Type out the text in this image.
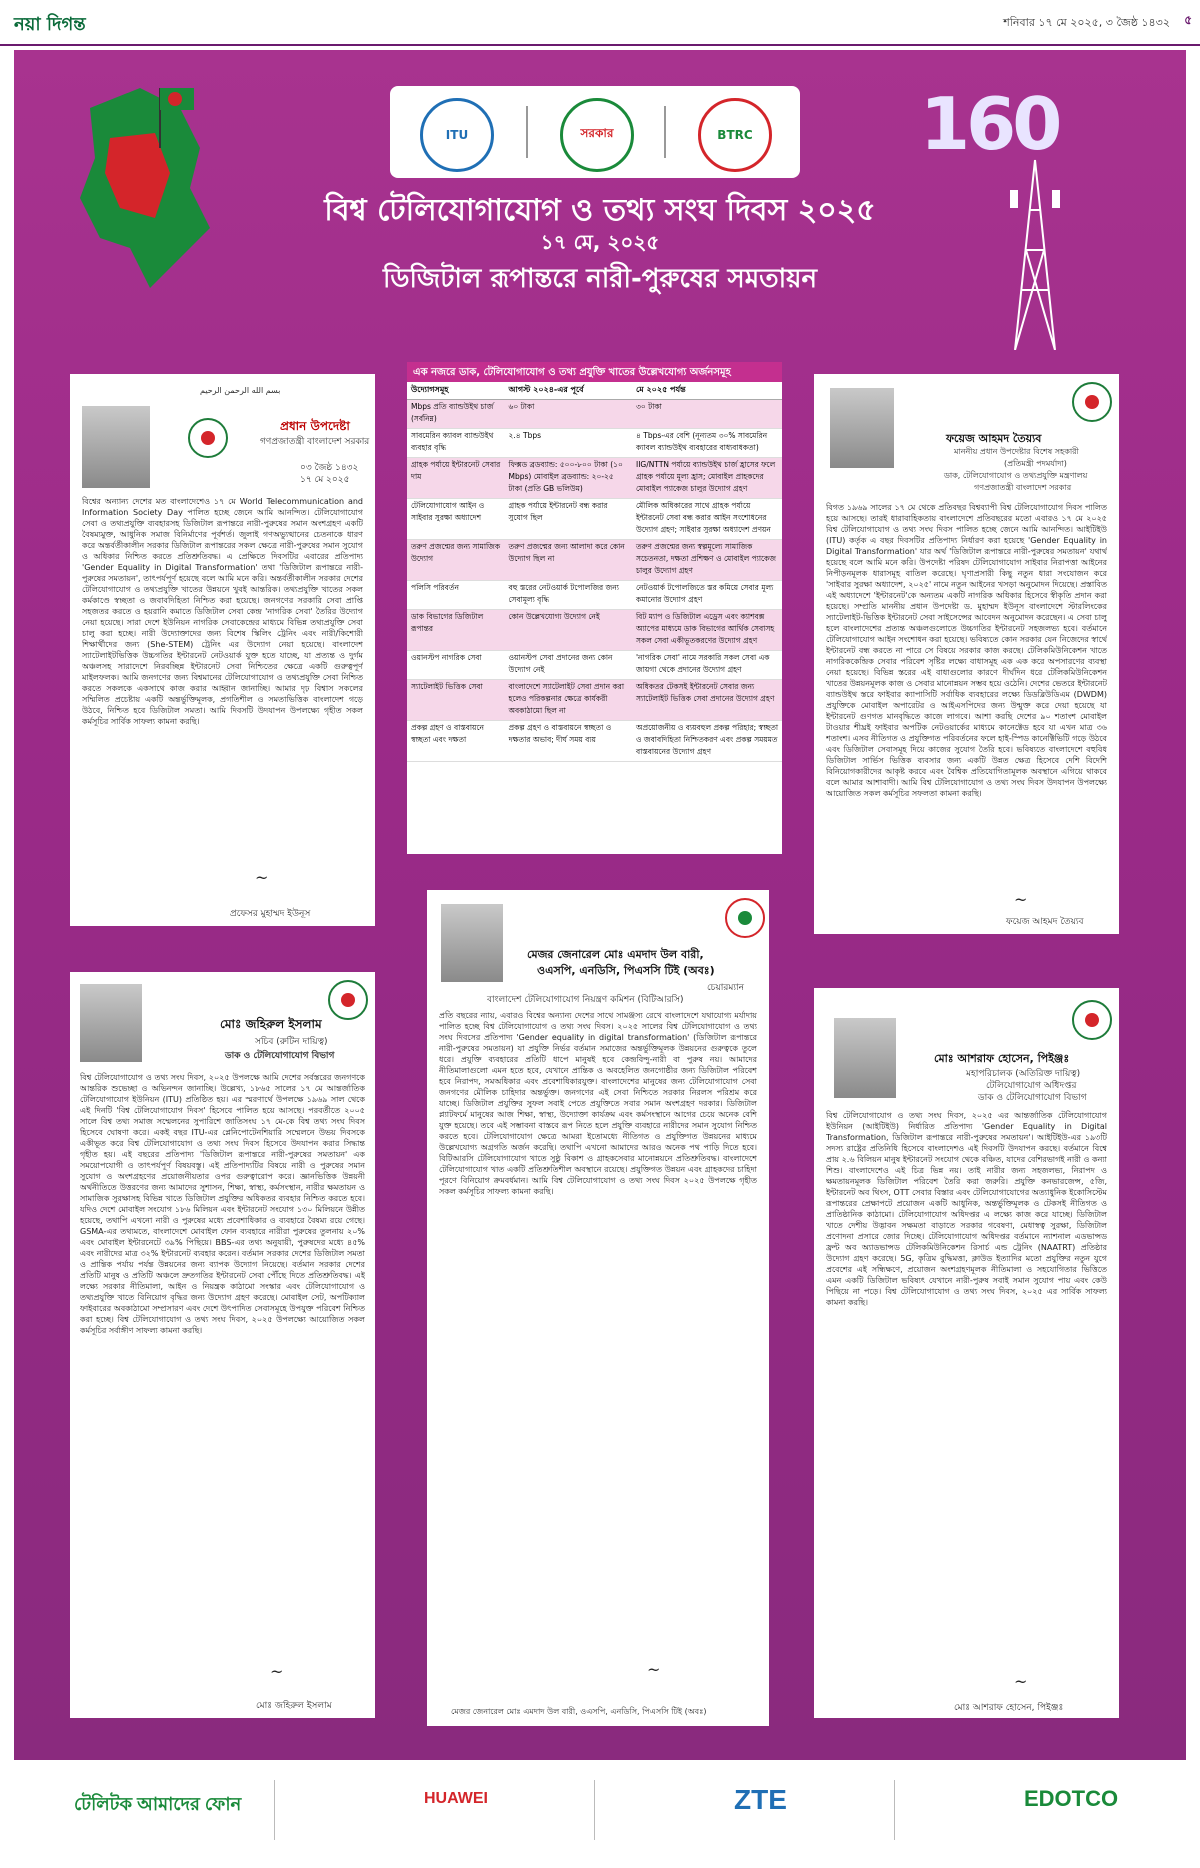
নয়া দিগন্ত	শনিবার ১৭ মে ২০২৫, ৩ জৈষ্ঠ ১৪৩২ ৫
ITU	সরকার	BTRC 160
বিশ্ব টেলিযোগাযোগ ও তথ্য সংঘ দিবস ২০২৫
১৭ মে, ২০২৫
ডিজিটাল রূপান্তরে নারী-পুরুষের সমতায়ন
بسم الله الرحمن الرحيم
প্রধান উপদেষ্টা
গণপ্রজাতন্ত্রী বাংলাদেশ সরকার
০৩ জৈষ্ঠ ১৪৩২
১৭ মে ২০২৫
বিশ্বের অন্যান্য দেশের মত বাংলাদেশেও ১৭ মে World Telecommunication and Information Society Day পালিত হচ্ছে জেনে আমি আনন্দিত। টেলিযোগাযোগ সেবা ও তথ্যপ্রযুক্তি ব্যবহারসহ ডিজিটাল রূপান্তরে নারী-পুরুষের সমান অংশগ্রহণ একটি বৈষম্যমুক্ত, আধুনিক সমাজ বিনির্মাণের পূর্বশর্ত। জুলাই গণঅভ্যুত্থানের চেতনাকে ধারণ করে অন্তর্বর্তীকালীন সরকার ডিজিটাল রূপান্তরের সকল ক্ষেত্রে নারী-পুরুষের সমান সুযোগ ও অধিকার নিশ্চিত করতে প্রতিশ্রুতিবদ্ধ। এ প্রেক্ষিতে দিবসটির এবারের প্রতিপাদ্য 'Gender Equality in Digital Transformation' তথা 'ডিজিটাল রূপান্তরে নারী-পুরুষের সমতায়ন', তাৎপর্যপূর্ণ হয়েছে বলে আমি মনে করি। অন্তর্বর্তীকালীন সরকার দেশের টেলিযোগাযোগ ও তথ্যপ্রযুক্তি খাতের উন্নয়নে খুবই আন্তরিক। তথ্যপ্রযুক্তি খাতের সকল কর্মকাণ্ডে স্বচ্ছতা ও জবাবদিহিতা নিশ্চিত করা হয়েছে। জনগণের সরকারি সেবা প্রাপ্তি সহজতর করতে ও হয়রানি কমাতে ডিজিটাল সেবা কেন্দ্র 'নাগরিক সেবা' তৈরির উদ্যোগ নেয়া হয়েছে। সারা দেশে ইউনিয়ন নাগরিক সেবাকেন্দ্রের মাধ্যমে বিভিন্ন তথ্যপ্রযুক্তি সেবা চালু করা হচ্ছে। নারী উদ্যোক্তাদের জন্য বিশেষ স্কিলিং ট্রেনিং এবং নারী/কিশোরী শিক্ষার্থীদের জন্য (She-STEM) ট্রেনিং এর উদ্যোগ নেয়া হয়েছে। বাংলাদেশ স্যাটেলাইটভিত্তিক উচ্চগতির ইন্টারনেট নেটওয়ার্ক যুক্ত হতে যাচ্ছে, যা প্রত্যন্ত ও দুর্গম অঞ্চলসহ সারাদেশে নিরবচ্ছিন্ন ইন্টারনেট সেবা নিশ্চিতের ক্ষেত্রে একটি গুরুত্বপূর্ণ মাইলফলক। আমি জনগণের জন্য বিশ্বমানের টেলিযোগাযোগ ও তথ্যপ্রযুক্তি সেবা নিশ্চিত করতে সকলকে একসাথে কাজ করার আহ্বান জানাচ্ছি। আমার দৃঢ় বিশ্বাস সকলের সম্মিলিত প্রচেষ্টায় একটি অন্তর্ভুক্তিমূলক, প্রগতিশীল ও সমতাভিত্তিক বাংলাদেশ গড়ে উঠবে, নিশ্চিত হবে ডিজিটাল সমতা। আমি দিবসটি উদযাপন উপলক্ষ্যে গৃহীত সকল কর্মসূচির সার্বিক সাফল্য কামনা করছি।
~
প্রফেসর মুহাম্মদ ইউনূস
এক নজরে ডাক, টেলিযোগাযোগ ও তথ্য প্রযুক্তি খাতের উল্লেখযোগ্য অর্জনসমূহ
উদ্যোগসমূহ	আগস্ট ২০২৪-এর পূর্বে	মে ২০২৫ পর্যন্ত
Mbps প্রতি ব্যান্ডউইথ চার্জ (সর্বনিম্ন)	৬০ টাকা	৩০ টাকা
সাবমেরিন ক্যাবল ব্যান্ডউইথ ব্যবহার বৃদ্ধি	২.৪ Tbps	৪ Tbps-এর বেশি (নূন্যতম ৩০% সাবমেরিন ক্যাবল ব্যান্ডউইথ ব্যবহারের বাধ্যবাধকতা)
গ্রাহক পর্যায়ে ইন্টারনেট সেবার দাম	ফিক্সড ব্রডব্যান্ড: ৫০০-৮০০ টাকা (১০ Mbps) মোবাইল ব্রডব্যান্ড: ২০-২৫ টাকা (প্রতি GB ভলিউম)	IIG/NTTN পর্যায়ে ব্যান্ডউইথ চার্জ হ্রাসের ফলে গ্রাহক পর্যায়ে মূল্য হ্রাস; মোবাইল প্রাহকদের মোবাইল প্যাকেজ চালুর উদ্যোগ গ্রহণ
টেলিযোগাযোগ আইন ও সাইবার সুরক্ষা অধ্যাদেশ	গ্রাহক পর্যায়ে ইন্টারনেট বন্ধ করার সুযোগ ছিল	মৌলিক অধিকারের সাথে গ্রাহক পর্যায়ে ইন্টারনেট সেবা বন্ধ করার আইন সংশোধনের উদ্যোগ গ্রহণ; সাইবার সুরক্ষা অধ্যাদেশ প্রণয়ন
তরুণ প্রজন্মের জন্য সামাজিক উদ্যোগ	তরুণ প্রজন্মের জন্য আলাদা করে কোন উদ্যোগ ছিল না	তরুণ প্রজন্মের জন্য স্বল্পমূল্যে সামাজিক সচেতনতা, দক্ষতা প্রশিক্ষণ ও মোবাইল প্যাকেজ চালুর উদ্যোগ গ্রহণ
পলিসি পরিবর্তন	বহু স্তরের নেটওয়ার্ক টপোলজির জন্য সেবামূল্য বৃদ্ধি	নেটওয়ার্ক টপোলজিতে স্তর কমিয়ে সেবার মূল্য কমানোর উদ্যোগ গ্রহণ
ডাক বিভাগের ডিজিটাল রূপান্তর	কোন উল্লেখযোগ্য উদ্যোগ নেই	বিট ম্যাপ ও ডিজিটাল এড্রেস এবং ক্যাশবক্স অ্যাপের মাধ্যমে ডাক বিভাগের আর্থিক সেবাসহ সকল সেবা একীভূতকরণের উদ্যোগ গ্রহণ
ওয়ানস্টপ নাগরিক সেবা	ওয়ানস্টপ সেবা প্রদানের জন্য কোন উদ্যোগ নেই	'নাগরিক সেবা' নামে সরকারি সকল সেবা এক জায়গা থেকে প্রদানের উদ্যোগ গ্রহণ
স্যাটেলাইট ভিত্তিক সেবা	বাংলাদেশে স্যাটেলাইট সেবা প্রদান করা হলেও পরিকল্পনার ক্ষেত্রে কার্যকরী অবকাঠামো ছিল না	অধিকতর টেকসই ইন্টারনেট সেবার জন্য স্যাটেলাইট ভিত্তিক সেবা প্রদানের উদ্যোগ গ্রহণ
প্রকল্প গ্রহণ ও বাস্তবায়নে স্বচ্ছতা এবং দক্ষতা	প্রকল্প গ্রহণ ও বাস্তবায়নে স্বচ্ছতা ও দক্ষতার অভাব; দীর্ঘ সময় ব্যয়	অপ্রয়োজনীয় ও ব্যয়বহুল প্রকল্প পরিহার; স্বচ্ছতা ও জবাবদিহিতা নিশ্চিতকরণ এবং প্রকল্প সময়মত বাস্তবায়নের উদ্যোগ গ্রহণ
ফয়েজ আহমদ তৈয়্যব
মাননীয় প্রধান উপদেষ্টার বিশেষ সহকারী
(প্রতিমন্ত্রী পদমর্যাদা)
ডাক, টেলিযোগাযোগ ও তথ্যপ্রযুক্তি মন্ত্রণালয়
গণপ্রজাতন্ত্রী বাংলাদেশ সরকার
বিগত ১৯৬৯ সালের ১৭ মে থেকে প্রতিবছর বিশ্বব্যাপী বিশ্ব টেলিযোগাযোগ দিবস পালিত হয়ে আসছে। তারই ধারাবাহিকতায় বাংলাদেশে প্রতিবছরের মতো এবারও ১৭ মে ২০২৫ বিশ্ব টেলিযোগাযোগ ও তথ্য সংঘ দিবস পালিত হচ্ছে জেনে আমি আনন্দিত। আইটিইউ (ITU) কর্তৃক এ বছর দিবসটির প্রতিপাদ্য নির্ধারণ করা হয়েছে 'Gender Equality in Digital Transformation' যার অর্থ 'ডিজিটাল রূপান্তরে নারী-পুরুষের সমতায়ন' যথার্থ হয়েছে বলে আমি মনে করি। উপদেষ্টা পরিষদ টেলিযোগাযোগ সাইবার নিরাপত্তা আইনের নিপীড়নমূলক ধারাসমূহ বাতিল করেছে। ঘৃণাপ্রসারী কিছু নতুন ধারা সংযোজন করে 'সাইবার সুরক্ষা অধ্যাদেশ, ২০২৫' নামে নতুন আইনের খসড়া অনুমোদন দিয়েছে। প্রস্তাবিত এই অধ্যাদেশে 'ইন্টারনেট'কে অন্যতম একটি নাগরিক অধিকার হিসেবে স্বীকৃতি প্রদান করা হয়েছে। সম্প্রতি মাননীয় প্রধান উপদেষ্টা ড. মুহাম্মদ ইউনূস বাংলাদেশে স্টারলিংকের স্যাটেলাইট-ভিত্তিক ইন্টারনেট সেবা সাইসেন্সের আবেদন অনুমোদন করেছেন। এ সেবা চালু হলে বাংলাদেশের প্রত্যন্ত অঞ্চলগুলোতে উচ্চগতির ইন্টারনেট সহজলভ্য হবে। বর্তমানে টেলিযোগাযোগ আইন সংশোধন করা হয়েছে। ভবিষ্যতে কোন সরকার যেন নিজেদের স্বার্থে ইন্টারনেট বন্ধ করতে না পারে সে বিষয়ে সরকার কাজ করছে। টেলিকমিউনিকেশন খাতে নাগরিককেন্দ্রিক সেবার পরিবেশ সৃষ্টির লক্ষ্যে বাধাসমূহ এক এক করে অপসারণের ব্যবস্থা নেয়া হয়েছে। বিভিন্ন স্তরের এই বাধাগুলোর কারণে দীর্ঘদিন ধরে টেলিকমিউনিকেশন খাতের উন্নয়নমূলক কাজ ও সেবার মানোন্নয়ন সম্ভব হয়ে ওঠেনি। দেশের ভেতরে ইন্টারনেট ব্যান্ডউইথ স্তরে ফাইবার ক্যাপাসিটি সর্বাধিক ব্যবহারের লক্ষ্যে ডিডব্লিউডিএম (DWDM) প্রযুক্তিকে মোবাইল অপারেটর ও আইএসপিদের জন্য উন্মুক্ত করে দেয়া হয়েছে যা ইন্টারনেট গুণগত মানবৃদ্ধিতে কাজে লাগবে। আশা করছি দেশের ৯০ শতাংশ মোবাইল টাওয়ার শীঘ্রই ফাইবার অপটিক নেটওয়ার্কের মাধ্যমে কানেক্টেড হবে যা এখন মাত্র ৩৬ শতাংশ। এসব নীতিগত ও প্রযুক্তিগত পরিবর্তনের ফলে হাই-স্পিড কানেক্টিভিটি গড়ে উঠবে এবং ডিজিটাল সেবাসমূহ দিয়ে কাজের সুযোগ তৈরি হবে। ভবিষ্যতে বাংলাদেশে বহুবিধ ডিজিটাল সার্ভিস ভিত্তিক ব্যবসার জন্য একটি উন্নত ক্ষেত্র হিসেবে দেশি বিদেশি বিনিয়োগকারীদের আকৃষ্ট করবে এবং বৈশ্বিক প্রতিযোগিতামূলক অবস্থানে এগিয়ে থাকবে বলে আমার আশাবাদী। আমি বিশ্ব টেলিযোগাযোগ ও তথ্য সংঘ দিবস উদযাপন উপলক্ষ্যে আয়োজিত সকল কর্মসূচির সফলতা কামনা করছি।
~
ফয়েজ আহমদ তৈয়্যব
মোঃ জহিরুল ইসলাম
সচিব (রুটিন দায়িত্ব)
ডাক ও টেলিযোগাযোগ বিভাগ
বিশ্ব টেলিযোগাযোগ ও তথ্য সংঘ দিবস, ২০২৫ উপলক্ষে আমি দেশের সর্বস্তরের জনগণকে আন্তরিক শুভেচ্ছা ও অভিনন্দন জানাচ্ছি। উল্লেখ্য, ১৮৬৫ সালের ১৭ মে আন্তর্জাতিক টেলিযোগাযোগ ইউনিয়ন (ITU) প্রতিষ্ঠিত হয়। এর স্মরণার্থে উপলক্ষে ১৯৬৯ সাল থেকে এই দিনটি 'বিশ্ব টেলিযোগাযোগ দিবস' হিসেবে পালিত হয়ে আসছে। পরবর্তীতে ২০০৫ সালে বিশ্ব তথ্য সমাজ সম্মেলনের সুপারিশে জাতিসংঘ ১৭ মে-কে বিশ্ব তথ্য সংঘ দিবস হিসেবে ঘোষণা করে। একই বছর ITU-এর প্লেনিপোটেনশিয়ারি সম্মেলনে উভয় দিবসকে একীভূত করে বিশ্ব টেলিযোগাযোগ ও তথ্য সংঘ দিবস হিসেবে উদযাপন করার সিদ্ধান্ত গৃহীত হয়। এই বছরের প্রতিপাদ্য 'ডিজিটাল রূপান্তরে নারী-পুরুষের সমতায়ন' এক সময়োপযোগী ও তাৎপর্যপূর্ণ বিষয়বস্তু। এই প্রতিপাদ্যটির বিষয়ে নারী ও পুরুষের সমান সুযোগ ও অংশগ্রহণের প্রয়োজনীয়তার ওপর গুরুত্বারোপ করে। জ্ঞানভিত্তিক উন্নয়নী অর্থনীতিতে উত্তরণের জন্য আমাদের সুশাসন, শিক্ষা, স্বাস্থ্য, কর্মসংস্থান, নারীর ক্ষমতায়ন ও সামাজিক সুরক্ষাসহ বিভিন্ন খাতে ডিজিটাল প্রযুক্তির অধিকতর ব্যবহার নিশ্চিত করতে হবে। যদিও দেশে মোবাইল সংযোগ ১৮৬ মিলিয়ন এবং ইন্টারনেট সংযোগ ১৩০ মিলিয়নে উন্নীত হয়েছে, তথাপি এখনো নারী ও পুরুষের মধ্যে প্রবেশাধিকার ও ব্যবহারে বৈষম্য রয়ে গেছে। GSMA-এর তথ্যমতে, বাংলাদেশে মোবাইল ফোন ব্যবহারে নারীরা পুরুষের তুলনায় ২০% এবং মোবাইল ইন্টারনেটে ৩৯% পিছিয়ে। BBS-এর তথ্য অনুযায়ী, পুরুষদের মধ্যে ৪৫% এবং নারীদের মাত্র ৩২% ইন্টারনেট ব্যবহার করেন। বর্তমান সরকার দেশের ডিজিটাল সমতা ও প্রান্তিক পর্যায় পর্যন্ত উন্নয়নের জন্য ব্যাপক উদ্যোগ নিয়েছে। বর্তমান সরকার দেশের প্রতিটি মানুষ ও প্রতিটি অঞ্চলে দ্রুতগতির ইন্টারনেট সেবা পৌঁছে দিতে প্রতিশ্রুতিবদ্ধ। এই লক্ষ্যে সরকার নীতিমালা, আইন ও নিয়ন্ত্রক কাঠামো সংস্কার এবং টেলিযোগাযোগ ও তথ্যপ্রযুক্তি খাতে বিনিয়োগ বৃদ্ধির জন্য উদ্যোগ গ্রহণ করেছে। মোবাইল সেট, অপটিক্যাল ফাইবারের অবকাঠামো সম্প্রসারণ এবং দেশে উৎপাদিত সেবাসমূহে উপযুক্ত পরিবেশ নিশ্চিত করা হচ্ছে। বিশ্ব টেলিযোগাযোগ ও তথ্য সংঘ দিবস, ২০২৫ উপলক্ষ্যে আয়োজিত সকল কর্মসূচির সর্বাঙ্গীণ সাফল্য কামনা করছি।
~
মোঃ জহিরুল ইসলাম
মেজর জেনারেল মোঃ এমদাদ উল বারী,
ওএসপি, এনডিসি, পিএসসি টিই (অবঃ)
চেয়ারম্যান
বাংলাদেশ টেলিযোগাযোগ নিয়ন্ত্রণ কমিশন (বিটিআরসি)
প্রতি বছরের ন্যায়, এবারও বিশ্বের অন্যান্য দেশের সাথে সামঞ্জস্য রেখে বাংলাদেশে যথাযোগ্য মর্যাদায় পালিত হচ্ছে বিশ্ব টেলিযোগাযোগ ও তথ্য সংঘ দিবস। ২০২৫ সালের বিশ্ব টেলিযোগাযোগ ও তথ্য সংঘ দিবসের প্রতিপাদ্য 'Gender equality in digital transformation' (ডিজিটাল রূপান্তরে নারী-পুরুষের সমতায়ন) যা প্রযুক্তি নির্ভর বর্তমান সমাজের অন্তর্ভুক্তিমূলক উন্নয়নের গুরুত্বকে তুলে ধরে। প্রযুক্তি ব্যবহারের প্রতিটি ধাপে মানুষই হবে কেন্দ্রবিন্দু-নারী বা পুরুষ নয়। আমাদের নীতিমালাগুলো এমন হতে হবে, যেখানে প্রান্তিক ও অবহেলিত জনগোষ্ঠীর জন্য ডিজিটাল পরিবেশ হবে নিরাপদ, সমঅধিকার এবং প্রবেশাধিকারযুক্ত। বাংলাদেশের মানুষের জন্য টেলিযোগাযোগ সেবা জনগণের মৌলিক চাহিদার অন্তর্ভুক্ত। জনগণের এই সেবা নিশ্চিতে সরকার নিরলস পরিশ্রম করে যাচ্ছে। ডিজিটাল প্রযুক্তির সুফল সবাই পেতে প্রযুক্তিতে সবার সমান অংশগ্রহণ দরকার। ডিজিটাল প্ল্যাটফর্মে মানুষের আজ শিক্ষা, স্বাস্থ্য, উদ্যোক্তা কার্যক্রম এবং কর্মসংস্থানে আগের চেয়ে অনেক বেশি যুক্ত হয়েছে। তবে এই সম্ভাবনা বাস্তবে রূপ নিতে হলে প্রযুক্তি ব্যবহারে নারীদের সমান সুযোগ নিশ্চিত করতে হবে। টেলিযোগাযোগ ক্ষেত্রে আমরা ইতোমধ্যে নীতিগত ও প্রযুক্তিগত উন্নয়নের মাধ্যমে উল্লেখযোগ্য অগ্রগতি অর্জন করেছি। তথাপি এখনো আমাদের আরও অনেক পথ পাড়ি দিতে হবে। বিটিআরসি টেলিযোগাযোগ খাতে সুষ্ঠু বিকাশ ও গ্রাহকসেবার মানোন্নয়নে প্রতিশ্রুতিবদ্ধ। বাংলাদেশে টেলিযোগাযোগ খাত একটি প্রতিশ্রুতিশীল অবস্থানে রয়েছে। প্রযুক্তিগত উন্নয়ন এবং গ্রাহকদের চাহিদা পূরণে বিনিয়োগ ক্রমবর্ধমান। আমি বিশ্ব টেলিযোগাযোগ ও তথ্য সংঘ দিবস ২০২৫ উপলক্ষে গৃহীত সকল কর্মসূচির সাফল্য কামনা করছি।
~
মেজর জেনারেল মোঃ এমদাদ উল বারী, ওএসপি, এনডিসি, পিএসসি টিই (অবঃ)
মোঃ আশরাফ হোসেন, পিইঞ্জঃ
মহাপরিচালক (অতিরিক্ত দায়িত্ব)
টেলিযোগাযোগ অধিদপ্তর
ডাক ও টেলিযোগাযোগ বিভাগ
বিশ্ব টেলিযোগাযোগ ও তথ্য সংঘ দিবস, ২০২৫ এর আন্তর্জাতিক টেলিযোগাযোগ ইউনিয়ন (আইটিইউ) নির্ধারিত প্রতিপাদ্য 'Gender Equality in Digital Transformation, ডিজিটাল রূপান্তরে নারী-পুরুষের সমতায়ন'। আইটিইউ-এর ১৯৩টি সদস্য রাষ্ট্রের প্রতিনিধি হিসেবে বাংলাদেশও এই দিবসটি উদযাপন করছে। বর্তমানে বিশ্বে প্রায় ২.৬ বিলিয়ন মানুষ ইন্টারনেট সংযোগ থেকে বঞ্চিত, যাদের বেশিরভাগই নারী ও কন্যা শিশু। বাংলাদেশেও এই চিত্র ভিন্ন নয়। তাই নারীর জন্য সহজলভ্য, নিরাপদ ও ক্ষমতায়নমূলক ডিজিটাল পরিবেশ তৈরি করা জরুরি। প্রযুক্তি কনভারজেন্স, ৫জি, ইন্টারনেট অব থিংস, OTT সেবার বিস্তার এবং টেলিযোগাযোগের অত্যাধুনিক ইকোসিস্টেম রূপান্তরের প্রেক্ষাপটে প্রয়োজন একটি আধুনিক, অন্তর্ভুক্তিমূলক ও টেকসই নীতিগত ও প্রাতিষ্ঠানিক কাঠামো। টেলিযোগাযোগ অধিদপ্তর এ লক্ষ্যে কাজ করে যাচ্ছে। ডিজিটাল খাতে দেশীয় উদ্ভাবন সক্ষমতা বাড়াতে সরকার গবেষণা, মেধাস্বত্ব সুরক্ষা, ডিজিটাল প্রণোদনা প্রসারে জোর দিচ্ছে। টেলিযোগাযোগ অধিদপ্তর বর্তমানে ন্যাশনাল এডভান্সড ফ্রন্ট অব অ্যাডভান্সড টেলিকমিউনিকেশন রিসার্চ এন্ড ট্রেনিং (NAATRT) প্রতিষ্ঠার উদ্যোগ গ্রহণ করেছে। 5G, কৃত্রিম বুদ্ধিমত্তা, ক্লাউড ইত্যাদির মতো প্রযুক্তির নতুন যুগে প্রবেশের এই সন্ধিক্ষণে, প্রয়োজন অংশগ্রহণমূলক নীতিমালা ও সহযোগিতার ভিত্তিতে এমন একটি ডিজিটাল ভবিষ্যৎ যেখানে নারী-পুরুষ সবাই সমান সুযোগ পায় এবং কেউ পিছিয়ে না পড়ে। বিশ্ব টেলিযোগাযোগ ও তথ্য সংঘ দিবস, ২০২৫ এর সার্বিক সাফল্য কামনা করছি।
~
মোঃ আশরাফ হোসেন, পিইঞ্জঃ
টেলিটক আমাদের ফোন	HUAWEI	ZTE	EDOTCO
